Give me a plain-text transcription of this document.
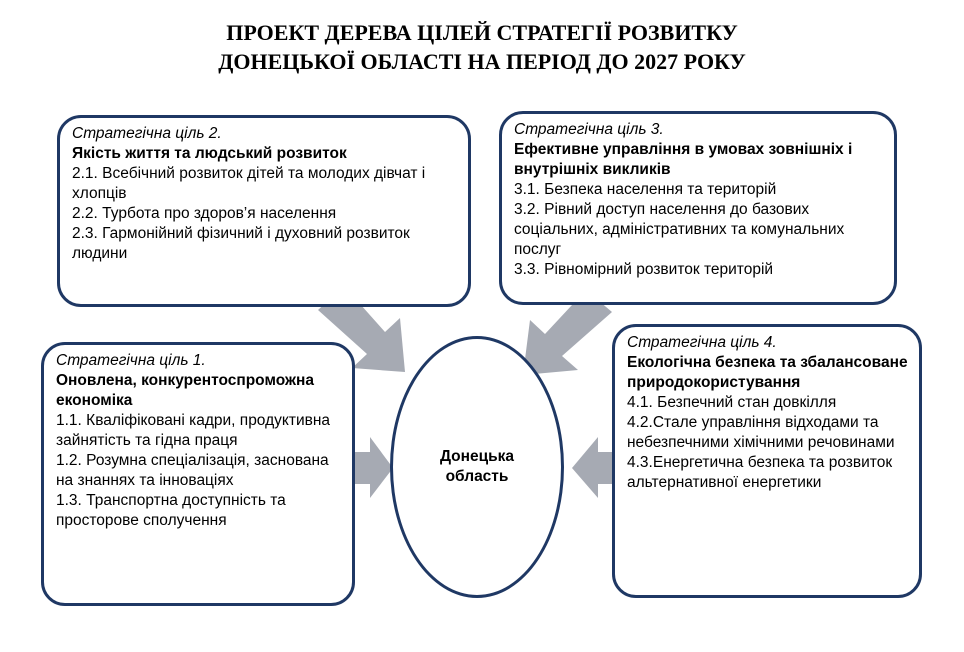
ПРОЕКТ ДЕРЕВА ЦІЛЕЙ СТРАТЕГІЇ РОЗВИТКУ
ДОНЕЦЬКОЇ ОБЛАСТІ НА ПЕРІОД ДО 2027 РОКУ
Стратегічна ціль 2.
Якість життя та людський розвиток
2.1. Всебічний розвиток дітей та молодих дівчат і хлопців
2.2. Турбота про здоров’я населення
2.3. Гармонійний фізичний і духовний розвиток людини
Стратегічна ціль 3.
Ефективне управління в умовах зовнішніх і внутрішніх викликів
3.1. Безпека населення та територій
3.2. Рівний доступ населення до базових соціальних, адміністративних та комунальних послуг
3.3. Рівномірний розвиток територій
Стратегічна ціль 1.
Оновлена, конкурентоспроможна економіка
1.1. Кваліфіковані кадри, продуктивна зайнятість та гідна праця
1.2. Розумна спеціалізація, заснована на знаннях та інноваціях
1.3. Транспортна доступність та просторове сполучення
Стратегічна ціль 4.
Екологічна безпека та збалансоване природокористування
4.1. Безпечний стан довкілля
4.2.Стале управління відходами та небезпечними хімічними речовинами
4.3.Енергетична безпека та розвиток альтернативної енергетики
Донецька область
